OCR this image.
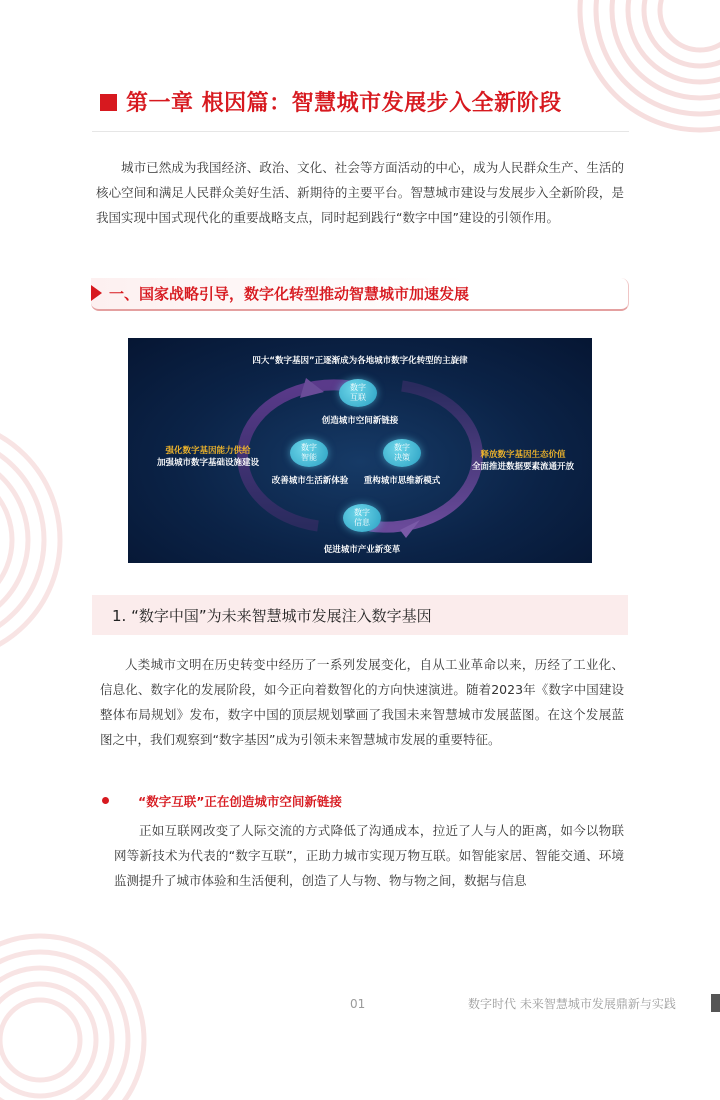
第一章 根因篇：智慧城市发展步入全新阶段

城市已然成为我国经济、政治、文化、社会等方面活动的中心，成为人民群众生产、生活的核心空间和满足人民群众美好生活、新期待的主要平台。智慧城市建设与发展步入全新阶段，是我国实现中国式现代化的重要战略支点，同时起到践行“数字中国”建设的引领作用。

一、国家战略引导，数字化转型推动智慧城市加速发展
四大“数字基因”正逐渐成为各地城市数字化转型的主旋律
数字
互联
创造城市空间新链接
数字
智能
改善城市生活新体验
数字
决策
重构城市思维新模式
数字
信息
促进城市产业新变革
强化数字基因能力供给
加强城市数字基础设施建设
释放数字基因生态价值
全面推进数据要素流通开放
1. “数字中国”为未来智慧城市发展注入数字基因

人类城市文明在历史转变中经历了一系列发展变化，自从工业革命以来，历经了工业化、信息化、数字化的发展阶段，如今正向着数智化的方向快速演进。随着2023年《数字中国建设整体布局规划》发布，数字中国的顶层规划擘画了我国未来智慧城市发展蓝图。在这个发展蓝图之中，我们观察到“数字基因”成为引领未来智慧城市发展的重要特征。

“数字互联”正在创造城市空间新链接

正如互联网改变了人际交流的方式降低了沟通成本，拉近了人与人的距离，如今以物联网等新技术为代表的“数字互联”，正助力城市实现万物互联。如智能家居、智能交通、环境监测提升了城市体验和生活便利，创造了人与物、物与物之间，数据与信息

01	数字时代 未来智慧城市发展鼎新与实践
